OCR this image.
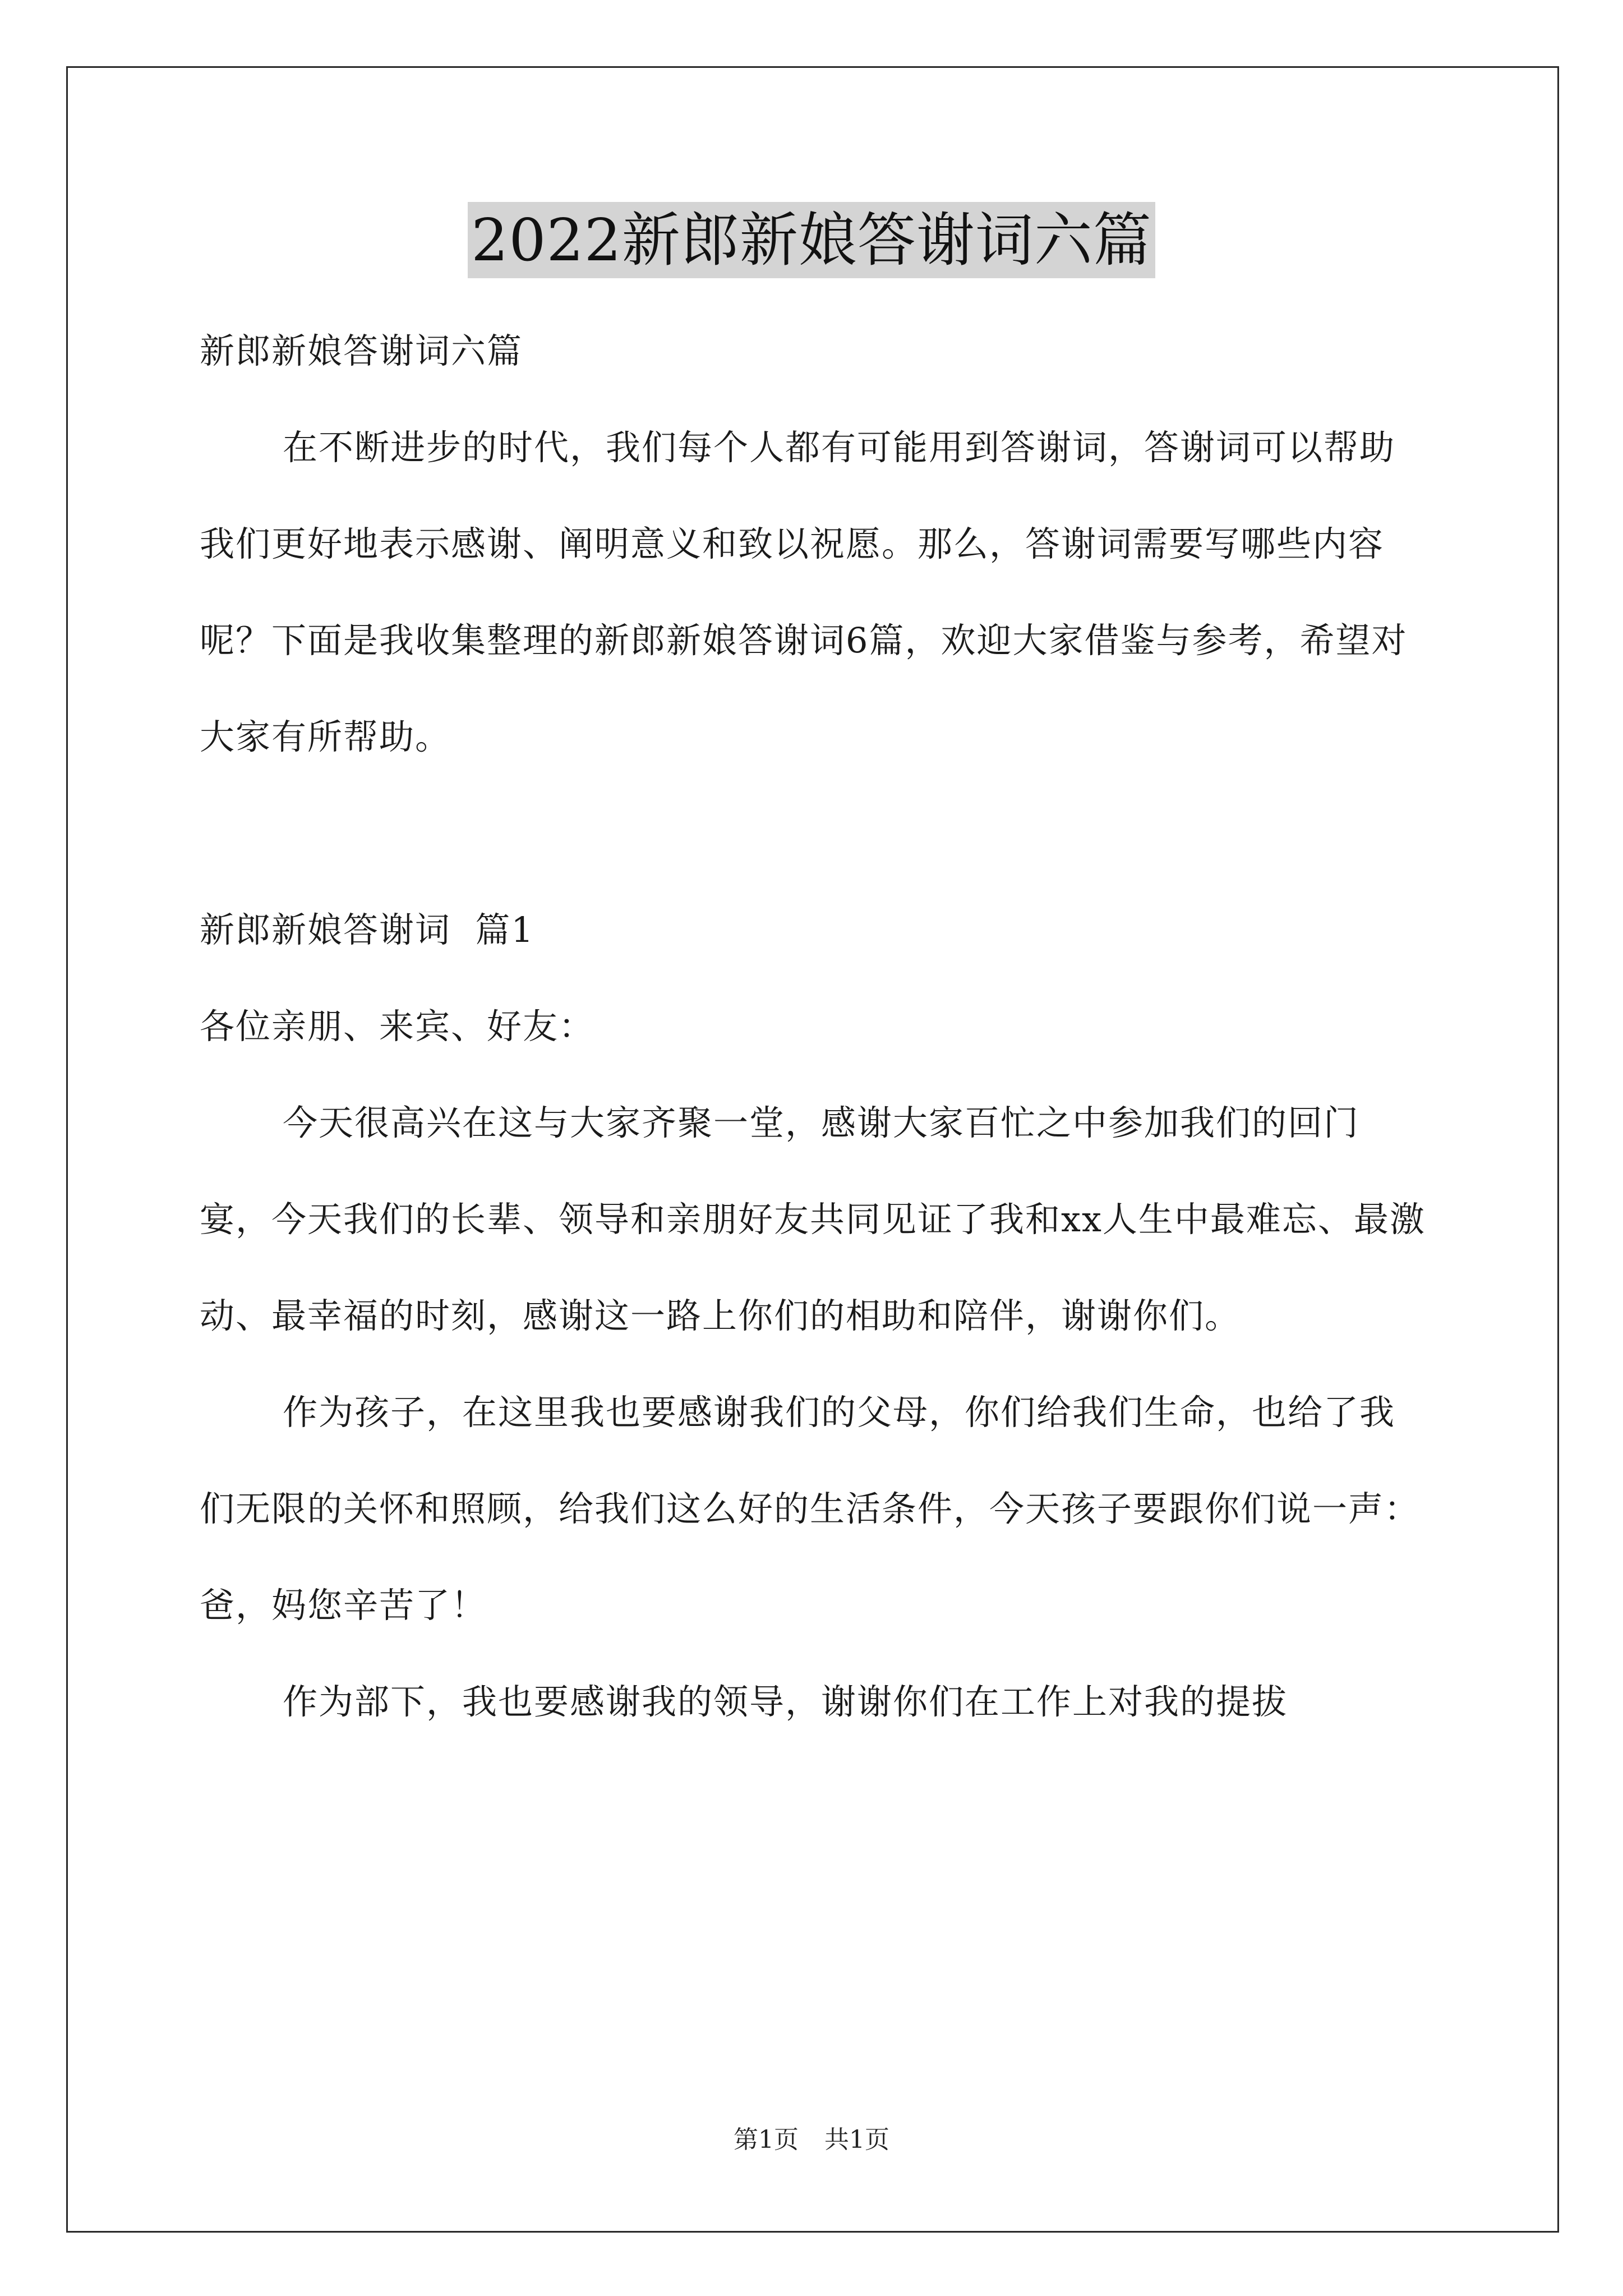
2022新郎新娘答谢词六篇

新郎新娘答谢词六篇

在不断进步的时代，我们每个人都有可能用到答谢词，答谢词可以帮助我们更好地表示感谢、阐明意义和致以祝愿。那么，答谢词需要写哪些内容呢？下面是我收集整理的新郎新娘答谢词6篇，欢迎大家借鉴与参考，希望对大家有所帮助。

新郎新娘答谢词  篇1

各位亲朋、来宾、好友：

今天很高兴在这与大家齐聚一堂，感谢大家百忙之中参加我们的回门宴，今天我们的长辈、领导和亲朋好友共同见证了我和xx人生中最难忘、最激动、最幸福的时刻，感谢这一路上你们的相助和陪伴，谢谢你们。

作为孩子，在这里我也要感谢我们的父母，你们给我们生命，也给了我们无限的关怀和照顾，给我们这么好的生活条件，今天孩子要跟你们说一声：爸，妈您辛苦了！

作为部下，我也要感谢我的领导，谢谢你们在工作上对我的提拔

第1页 共1页
